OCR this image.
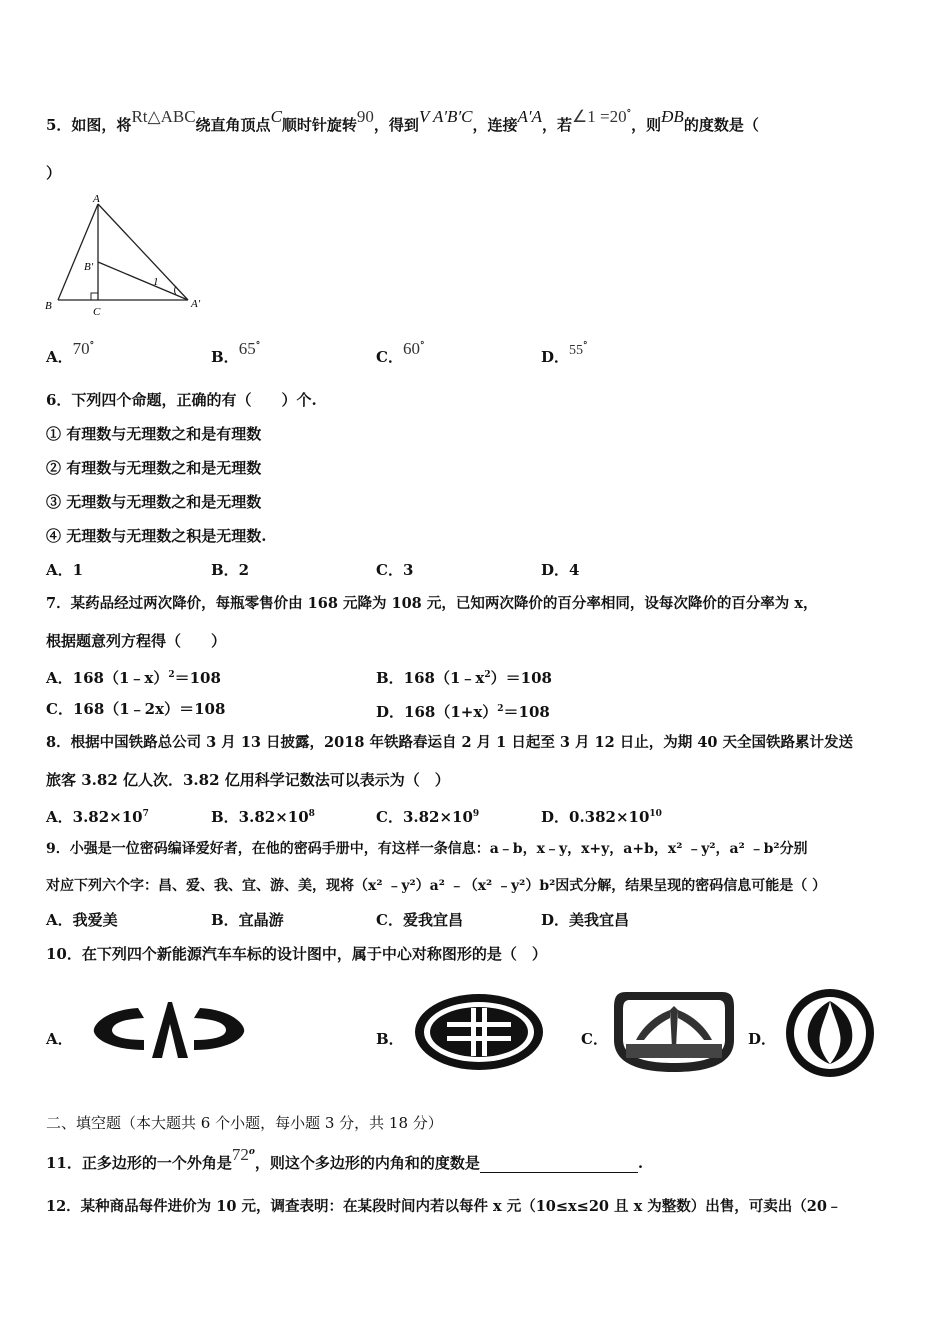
5．如图，将Rt△ABC绕直角顶点C顺时针旋转90，得到V A′B′C，连接A′A，若∠1 =20°，则ÐB的度数是（
）
A
B′
1
B	C
A′
A．70°
B．65°
C．60°
D．55°
6．下列四个命题，正确的有（　　）个.
① 有理数与无理数之和是有理数
② 有理数与无理数之和是无理数
③ 无理数与无理数之和是无理数
④ 无理数与无理数之积是无理数.
A．1	B．2	C．3	D．4
7．某药品经过两次降价，每瓶零售价由 168 元降为 108 元，已知两次降价的百分率相同，设每次降价的百分率为 x，
根据题意列方程得（　　）
A．168（1﹣x）$^2$＝108	B．$168(1﹣x^2)=108$
C．168（1﹣2x）＝108	D．$168(1+x)^2=108$
8．根据中国铁路总公司 3 月 13 日披露，2018 年铁路春运自 2 月 1 日起至 3 月 12 日止，为期 40 天全国铁路累计发送
旅客 3.82 亿人次．3.82 亿用科学记数法可以表示为（　）
A．$3.82\times 10^7$	B．$3.82\times 10^8$	C．$3.82\times 10^9$	D．$0.382\times 10^{10}$
9．小强是一位密码编译爱好者，在他的密码手册中，有这样一条信息：a﹣b，x﹣y，x+y，a+b，x² ﹣y²，a² ﹣b²分别
对应下列六个字：昌、爱、我、宜、游、美，现将（x² ﹣y²）a² ﹣（x² ﹣y²）b²因式分解，结果呈现的密码信息可能是（ ）
A．我爱美	B．宜晶游	C．爱我宜昌	D．美我宜昌
10．在下列四个新能源汽车车标的设计图中，属于中心对称图形的是（　）
A．	B．	C．	D．
二、填空题（本大题共 6 个小题，每小题 3 分，共 18 分）
11．正多边形的一个外角是72$^o$，则这个多边形的内角和的度数是	.
12．某种商品每件进价为 10 元，调查表明：在某段时间内若以每件 x 元（10≤x≤20 且 x 为整数）出售，可卖出（20﹣
